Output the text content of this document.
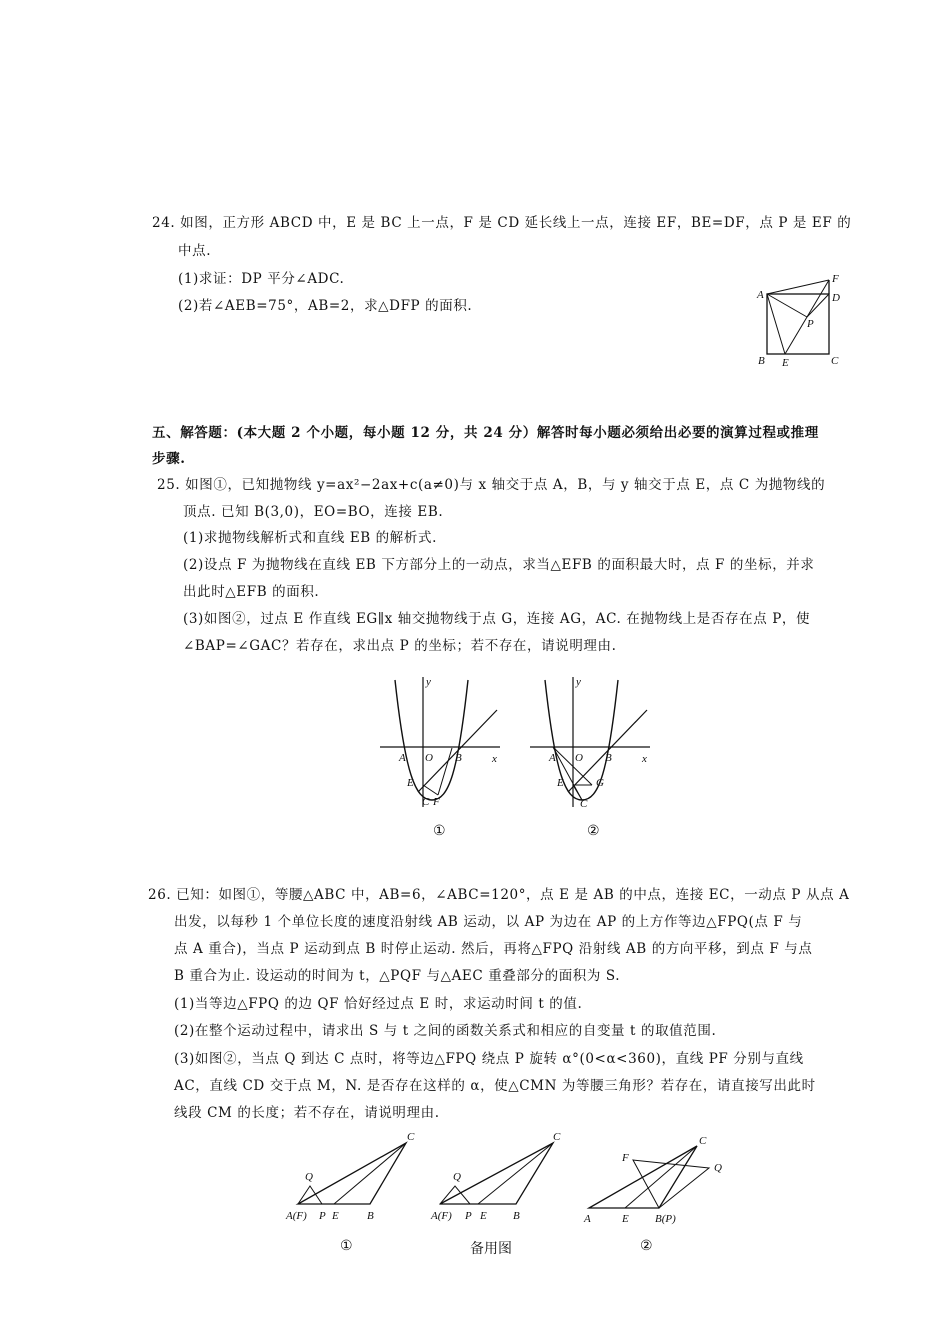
24. 如图，正方形 ABCD 中，E 是 BC 上一点，F 是 CD 延长线上一点，连接 EF，BE=DF，点 P 是 EF 的
中点.
(1)求证：DP 平分∠ADC.
(2)若∠AEB=75°，AB=2，求△DFP 的面积.
A
F
D
P
B E	C
五、解答题：(本大题 2 个小题，每小题 12 分，共 24 分）解答时每小题必须给出必要的演算过程或推理
步骤.
25. 如图①，已知抛物线 y=ax²−2ax+c(a≠0)与 x 轴交于点 A，B，与 y 轴交于点 E，点 C 为抛物线的
顶点. 已知 B(3,0)，EO=BO，连接 EB.
(1)求抛物线解析式和直线 EB 的解析式.
(2)设点 F 为抛物线在直线 EB 下方部分上的一动点，求当△EFB 的面积最大时，点 F 的坐标，并求
出此时△EFB 的面积.
(3)如图②，过点 E 作直线 EG∥x 轴交抛物线于点 G，连接 AG，AC. 在抛物线上是否存在点 P，使
∠BAP=∠GAC？若存在，求出点 P 的坐标；若不存在，请说明理由.
y
x
A O B
E
C F
①
y
x
A O B
E	G
C
②
26. 已知：如图①，等腰△ABC 中，AB=6，∠ABC=120°，点 E 是 AB 的中点，连接 EC，一动点 P 从点 A
出发，以每秒 1 个单位长度的速度沿射线 AB 运动，以 AP 为边在 AP 的上方作等边△FPQ(点 F 与
点 A 重合)，当点 P 运动到点 B 时停止运动. 然后，再将△FPQ 沿射线 AB 的方向平移，到点 F 与点
B 重合为止. 设运动的时间为 t，△PQF 与△AEC 重叠部分的面积为 S.
(1)当等边△FPQ 的边 QF 恰好经过点 E 时，求运动时间 t 的值.
(2)在整个运动过程中，请求出 S 与 t 之间的函数关系式和相应的自变量 t 的取值范围.
(3)如图②，当点 Q 到达 C 点时，将等边△FPQ 绕点 P 旋转 α°(0<α<360)，直线 PF 分别与直线
AC，直线 CD 交于点 M，N. 是否存在这样的 α，使△CMN 为等腰三角形？若存在，请直接写出此时
线段 CM 的长度；若不存在，请说明理由.
C
Q
A(F) P E	B
①
C
Q
A(F) P E B
备用图
C
F
Q
A	E B(P)
②
